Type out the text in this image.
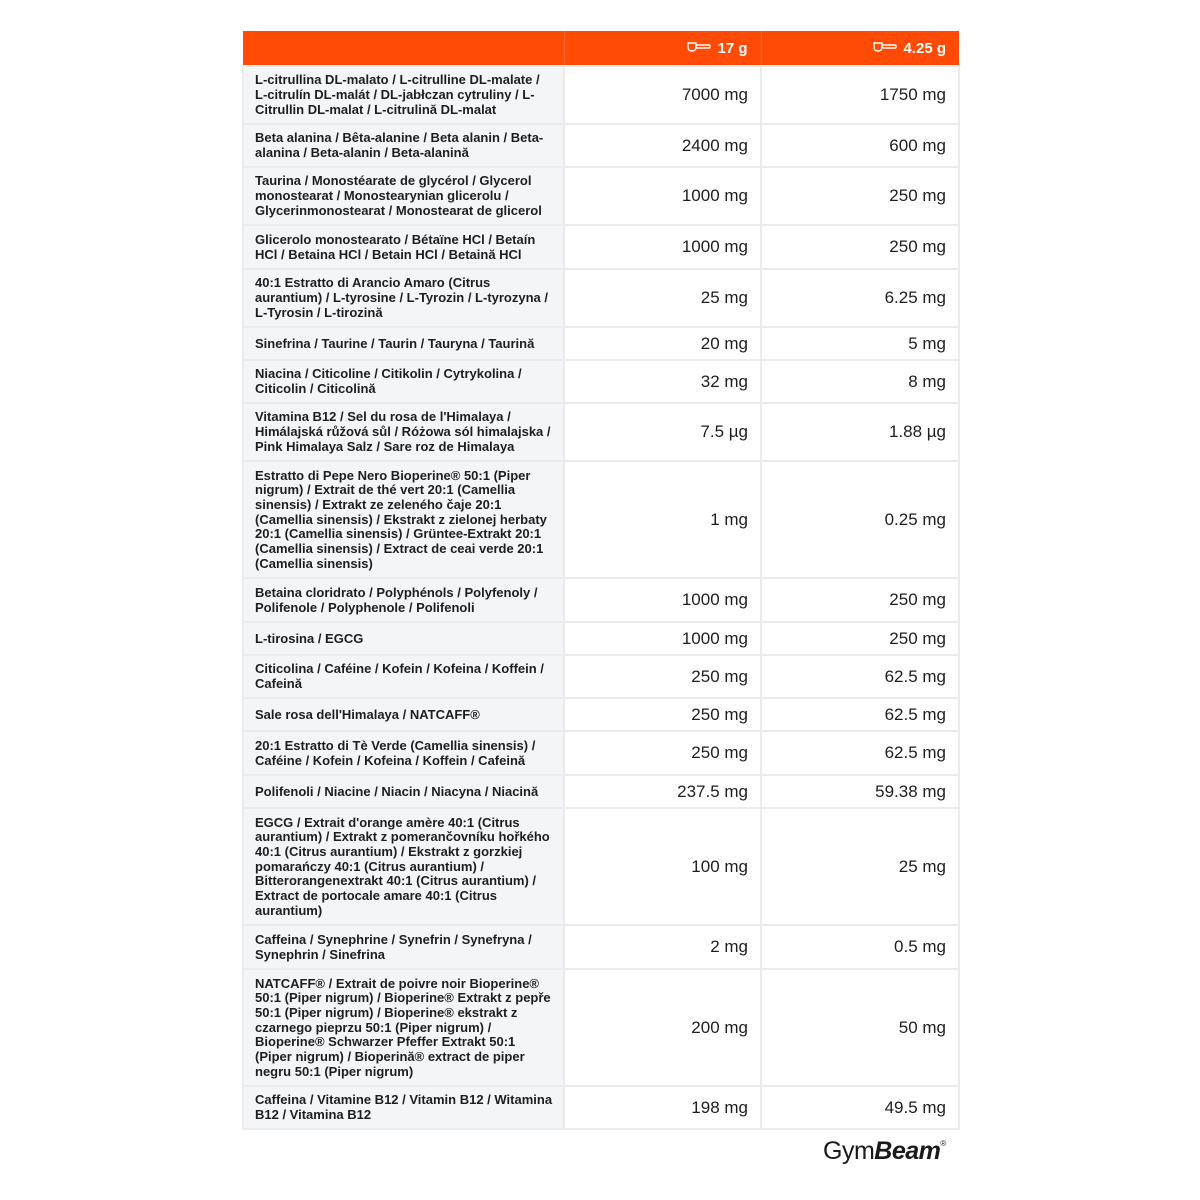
	17 g	4.25 g

L-citrullina DL-malato / L-citrulline DL-malate / L-citrulín DL-malát / DL-jabłczan cytruliny / L-Citrullin DL-malat / L-citrulină DL-malat	7000 mg	1750 mg
Beta alanina / Bêta-alanine / Beta alanin / Beta-alanina / Beta-alanin / Beta-alanină	2400 mg	600 mg
Taurina / Monostéarate de glycérol / Glycerol monostearat / Monostearynian glicerolu / Glycerinmonostearat / Monostearat de glicerol	1000 mg	250 mg
Glicerolo monostearato / Bétaïne HCl / Betaín HCl / Betaina HCl / Betain HCl / Betaină HCl	1000 mg	250 mg
40:1 Estratto di Arancio Amaro (Citrus aurantium) / L-tyrosine / L-Tyrozin / L-tyrozyna / L-Tyrosin / L-tirozină	25 mg	6.25 mg
Sinefrina / Taurine / Taurin / Tauryna / Taurină	20 mg	5 mg
Niacina / Citicoline / Citikolin / Cytrykolina / Citicolin / Citicolină	32 mg	8 mg
Vitamina B12 / Sel du rosa de l'Himalaya / Himálajská růžová sůl / Różowa sól himalajska / Pink Himalaya Salz / Sare roz de Himalaya	7.5 µg	1.88 µg
Estratto di Pepe Nero Bioperine® 50:1 (Piper nigrum) / Extrait de thé vert 20:1 (Camellia sinensis) / Extrakt ze zeleného čaje 20:1 (Camellia sinensis) / Ekstrakt z zielonej herbaty 20:1 (Camellia sinensis) / Grüntee-Extrakt 20:1 (Camellia sinensis) / Extract de ceai verde 20:1 (Camellia sinensis)	1 mg	0.25 mg
Betaina cloridrato / Polyphénols / Polyfenoly / Polifenole / Polyphenole / Polifenoli	1000 mg	250 mg
L-tirosina / EGCG	1000 mg	250 mg
Citicolina / Caféine / Kofein / Kofeina / Koffein / Cafeină	250 mg	62.5 mg
Sale rosa dell'Himalaya / NATCAFF®	250 mg	62.5 mg
20:1 Estratto di Tè Verde (Camellia sinensis) / Caféine / Kofein / Kofeina / Koffein / Cafeină	250 mg	62.5 mg
Polifenoli / Niacine / Niacin / Niacyna / Niacină	237.5 mg	59.38 mg
EGCG / Extrait d'orange amère 40:1 (Citrus aurantium) / Extrakt z pomerančovníku hořkého 40:1 (Citrus aurantium) / Ekstrakt z gorzkiej pomarańczy 40:1 (Citrus aurantium) / Bitterorangenextrakt 40:1 (Citrus aurantium) / Extract de portocale amare 40:1 (Citrus aurantium)	100 mg	25 mg
Caffeina / Synephrine / Synefrin / Synefryna / Synephrin / Sinefrina	2 mg	0.5 mg
NATCAFF® / Extrait de poivre noir Bioperine® 50:1 (Piper nigrum) / Bioperine® Extrakt z pepře 50:1 (Piper nigrum) / Bioperine® ekstrakt z czarnego pieprzu 50:1 (Piper nigrum) / Bioperine® Schwarzer Pfeffer Extrakt 50:1 (Piper nigrum) / Bioperină® extract de piper negru 50:1 (Piper nigrum)	200 mg	50 mg
Caffeina / Vitamine B12 / Vitamin B12 / Witamina B12 / Vitamina B12	198 mg	49.5 mg
GymBeam®
